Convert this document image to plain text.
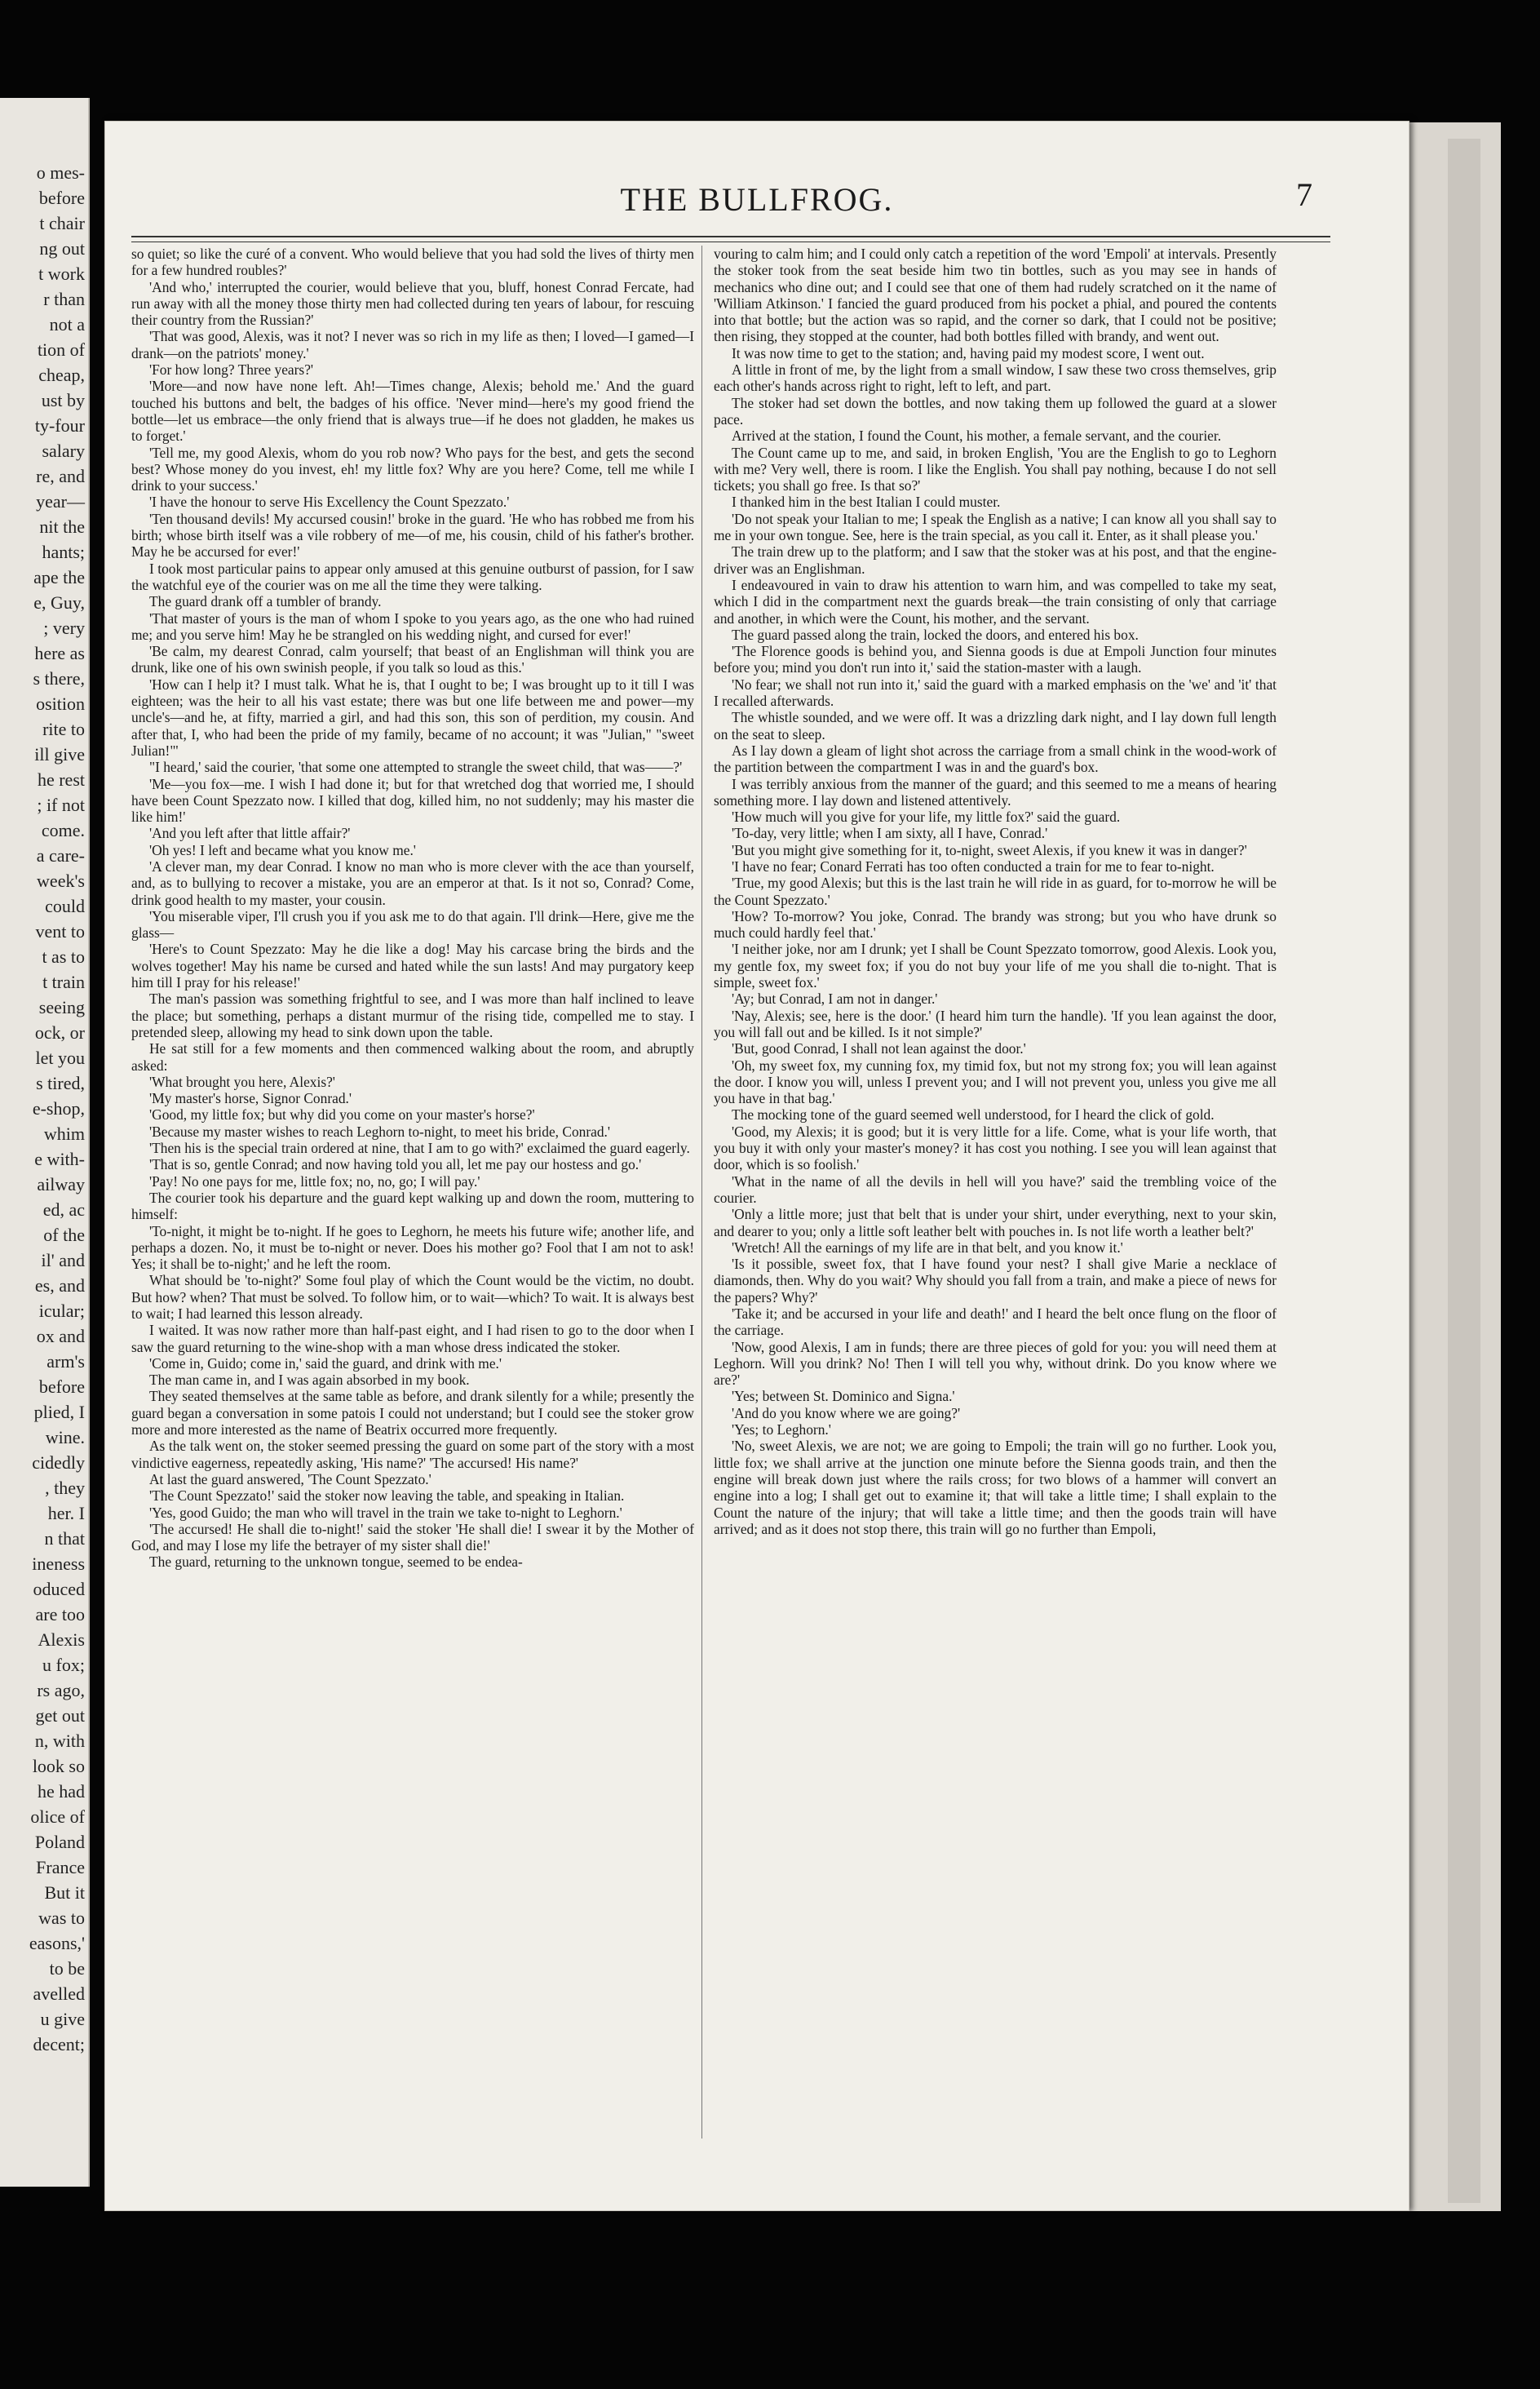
o mes-
before
t chair
ng out
t work
r than
not a
tion of
cheap,
ust by
ty-four
salary
re, and
year—
nit the
hants;
ape the
e, Guy,
; very
here as
s there,
osition
rite to
ill give
he rest
; if not
come.
a care-
week's
could
vent to
t as to
t train
seeing
ock, or
let you
s tired,
e-shop,
whim
e with-
ailway
ed, ac
of the
il' and
es, and
icular;
ox and
arm's
before
plied, I
wine.
cidedly
, they
her. I
n that
ineness
oduced
are too
Alexis
u fox;
rs ago,
get out
n, with
look so
he had
olice of
Poland
France
But it
was to
easons,'
to be
avelled
u give
decent;
THE BULLFROG.	7

so quiet; so like the curé of a convent. Who would believe that you had sold the lives of thirty men for a few hundred roubles?'

'And who,' interrupted the courier, would believe that you, bluff, honest Conrad Fercate, had run away with all the money those thirty men had collected during ten years of labour, for rescuing their country from the Russian?'

'That was good, Alexis, was it not? I never was so rich in my life as then; I loved—I gamed—I drank—on the patriots' money.'

'For how long? Three years?'

'More—and now have none left. Ah!—Times change, Alexis; behold me.' And the guard touched his buttons and belt, the badges of his office. 'Never mind—here's my good friend the bottle—let us embrace—the only friend that is always true—if he does not gladden, he makes us to forget.'

'Tell me, my good Alexis, whom do you rob now? Who pays for the best, and gets the second best? Whose money do you invest, eh! my little fox? Why are you here? Come, tell me while I drink to your success.'

'I have the honour to serve His Excellency the Count Spezzato.'

'Ten thousand devils! My accursed cousin!' broke in the guard. 'He who has robbed me from his birth; whose birth itself was a vile robbery of me—of me, his cousin, child of his father's brother. May he be accursed for ever!'

I took most particular pains to appear only amused at this genuine outburst of passion, for I saw the watchful eye of the courier was on me all the time they were talking.

The guard drank off a tumbler of brandy.

'That master of yours is the man of whom I spoke to you years ago, as the one who had ruined me; and you serve him! May he be strangled on his wedding night, and cursed for ever!'

'Be calm, my dearest Conrad, calm yourself; that beast of an Englishman will think you are drunk, like one of his own swinish people, if you talk so loud as this.'

'How can I help it? I must talk. What he is, that I ought to be; I was brought up to it till I was eighteen; was the heir to all his vast estate; there was but one life between me and power—my uncle's—and he, at fifty, married a girl, and had this son, this son of perdition, my cousin. And after that, I, who had been the pride of my family, became of no account; it was "Julian," "sweet Julian!"'

"I heard,' said the courier, 'that some one attempted to strangle the sweet child, that was——?'

'Me—you fox—me. I wish I had done it; but for that wretched dog that worried me, I should have been Count Spezzato now. I killed that dog, killed him, no not suddenly; may his master die like him!'

'And you left after that little affair?'

'Oh yes! I left and became what you know me.'

'A clever man, my dear Conrad. I know no man who is more clever with the ace than yourself, and, as to bullying to recover a mistake, you are an emperor at that. Is it not so, Conrad? Come, drink good health to my master, your cousin.

'You miserable viper, I'll crush you if you ask me to do that again. I'll drink—Here, give me the glass—

'Here's to Count Spezzato: May he die like a dog! May his carcase bring the birds and the wolves together! May his name be cursed and hated while the sun lasts! And may purgatory keep him till I pray for his release!'

The man's passion was something frightful to see, and I was more than half inclined to leave the place; but something, perhaps a distant murmur of the rising tide, compelled me to stay. I pretended sleep, allowing my head to sink down upon the table.

He sat still for a few moments and then commenced walking about the room, and abruptly asked:

'What brought you here, Alexis?'

'My master's horse, Signor Conrad.'

'Good, my little fox; but why did you come on your master's horse?'

'Because my master wishes to reach Leghorn to-night, to meet his bride, Conrad.'

'Then his is the special train ordered at nine, that I am to go with?' exclaimed the guard eagerly.

'That is so, gentle Conrad; and now having told you all, let me pay our hostess and go.'

'Pay! No one pays for me, little fox; no, no, go; I will pay.'

The courier took his departure and the guard kept walking up and down the room, muttering to himself:

'To-night, it might be to-night. If he goes to Leghorn, he meets his future wife; another life, and perhaps a dozen. No, it must be to-night or never. Does his mother go? Fool that I am not to ask! Yes; it shall be to-night;' and he left the room.

What should be 'to-night?' Some foul play of which the Count would be the victim, no doubt. But how? when? That must be solved. To follow him, or to wait—which? To wait. It is always best to wait; I had learned this lesson already.

I waited. It was now rather more than half-past eight, and I had risen to go to the door when I saw the guard returning to the wine-shop with a man whose dress indicated the stoker.

'Come in, Guido; come in,' said the guard, and drink with me.'

The man came in, and I was again absorbed in my book.

They seated themselves at the same table as before, and drank silently for a while; presently the guard began a conversation in some patois I could not understand; but I could see the stoker grow more and more interested as the name of Beatrix occurred more frequently.

As the talk went on, the stoker seemed pressing the guard on some part of the story with a most vindictive eagerness, repeatedly asking, 'His name?' 'The accursed! His name?'

At last the guard answered, 'The Count Spezzato.'

'The Count Spezzato!' said the stoker now leaving the table, and speaking in Italian.

'Yes, good Guido; the man who will travel in the train we take to-night to Leghorn.'

'The accursed! He shall die to-night!' said the stoker 'He shall die! I swear it by the Mother of God, and may I lose my life the betrayer of my sister shall die!'

The guard, returning to the unknown tongue, seemed to be endea-

vouring to calm him; and I could only catch a repetition of the word 'Empoli' at intervals. Presently the stoker took from the seat beside him two tin bottles, such as you may see in hands of mechanics who dine out; and I could see that one of them had rudely scratched on it the name of 'William Atkinson.' I fancied the guard produced from his pocket a phial, and poured the contents into that bottle; but the action was so rapid, and the corner so dark, that I could not be positive; then rising, they stopped at the counter, had both bottles filled with brandy, and went out.

It was now time to get to the station; and, having paid my modest score, I went out.

A little in front of me, by the light from a small window, I saw these two cross themselves, grip each other's hands across right to right, left to left, and part.

The stoker had set down the bottles, and now taking them up followed the guard at a slower pace.

Arrived at the station, I found the Count, his mother, a female servant, and the courier.

The Count came up to me, and said, in broken English, 'You are the English to go to Leghorn with me? Very well, there is room. I like the English. You shall pay nothing, because I do not sell tickets; you shall go free. Is that so?'

I thanked him in the best Italian I could muster.

'Do not speak your Italian to me; I speak the English as a native; I can know all you shall say to me in your own tongue. See, here is the train special, as you call it. Enter, as it shall please you.'

The train drew up to the platform; and I saw that the stoker was at his post, and that the engine-driver was an Englishman.

I endeavoured in vain to draw his attention to warn him, and was compelled to take my seat, which I did in the compartment next the guards break—the train consisting of only that carriage and another, in which were the Count, his mother, and the servant.

The guard passed along the train, locked the doors, and entered his box.

'The Florence goods is behind you, and Sienna goods is due at Empoli Junction four minutes before you; mind you don't run into it,' said the station-master with a laugh.

'No fear; we shall not run into it,' said the guard with a marked emphasis on the 'we' and 'it' that I recalled afterwards.

The whistle sounded, and we were off. It was a drizzling dark night, and I lay down full length on the seat to sleep.

As I lay down a gleam of light shot across the carriage from a small chink in the wood-work of the partition between the compartment I was in and the guard's box.

I was terribly anxious from the manner of the guard; and this seemed to me a means of hearing something more. I lay down and listened attentively.

'How much will you give for your life, my little fox?' said the guard.

'To-day, very little; when I am sixty, all I have, Conrad.'

'But you might give something for it, to-night, sweet Alexis, if you knew it was in danger?'

'I have no fear; Conard Ferrati has too often conducted a train for me to fear to-night.

'True, my good Alexis; but this is the last train he will ride in as guard, for to-morrow he will be the Count Spezzato.'

'How? To-morrow? You joke, Conrad. The brandy was strong; but you who have drunk so much could hardly feel that.'

'I neither joke, nor am I drunk; yet I shall be Count Spezzato tomorrow, good Alexis. Look you, my gentle fox, my sweet fox; if you do not buy your life of me you shall die to-night. That is simple, sweet fox.'

'Ay; but Conrad, I am not in danger.'

'Nay, Alexis; see, here is the door.' (I heard him turn the handle). 'If you lean against the door, you will fall out and be killed. Is it not simple?'

'But, good Conrad, I shall not lean against the door.'

'Oh, my sweet fox, my cunning fox, my timid fox, but not my strong fox; you will lean against the door. I know you will, unless I prevent you; and I will not prevent you, unless you give me all you have in that bag.'

The mocking tone of the guard seemed well understood, for I heard the click of gold.

'Good, my Alexis; it is good; but it is very little for a life. Come, what is your life worth, that you buy it with only your master's money? it has cost you nothing. I see you will lean against that door, which is so foolish.'

'What in the name of all the devils in hell will you have?' said the trembling voice of the courier.

'Only a little more; just that belt that is under your shirt, under everything, next to your skin, and dearer to you; only a little soft leather belt with pouches in. Is not life worth a leather belt?'

'Wretch! All the earnings of my life are in that belt, and you know it.'

'Is it possible, sweet fox, that I have found your nest? I shall give Marie a necklace of diamonds, then. Why do you wait? Why should you fall from a train, and make a piece of news for the papers? Why?'

'Take it; and be accursed in your life and death!' and I heard the belt once flung on the floor of the carriage.

'Now, good Alexis, I am in funds; there are three pieces of gold for you: you will need them at Leghorn. Will you drink? No! Then I will tell you why, without drink. Do you know where we are?'

'Yes; between St. Dominico and Signa.'

'And do you know where we are going?'

'Yes; to Leghorn.'

'No, sweet Alexis, we are not; we are going to Empoli; the train will go no further. Look you, little fox; we shall arrive at the junction one minute before the Sienna goods train, and then the engine will break down just where the rails cross; for two blows of a hammer will convert an engine into a log; I shall get out to examine it; that will take a little time; I shall explain to the Count the nature of the injury; that will take a little time; and then the goods train will have arrived; and as it does not stop there, this train will go no further than Empoli,
